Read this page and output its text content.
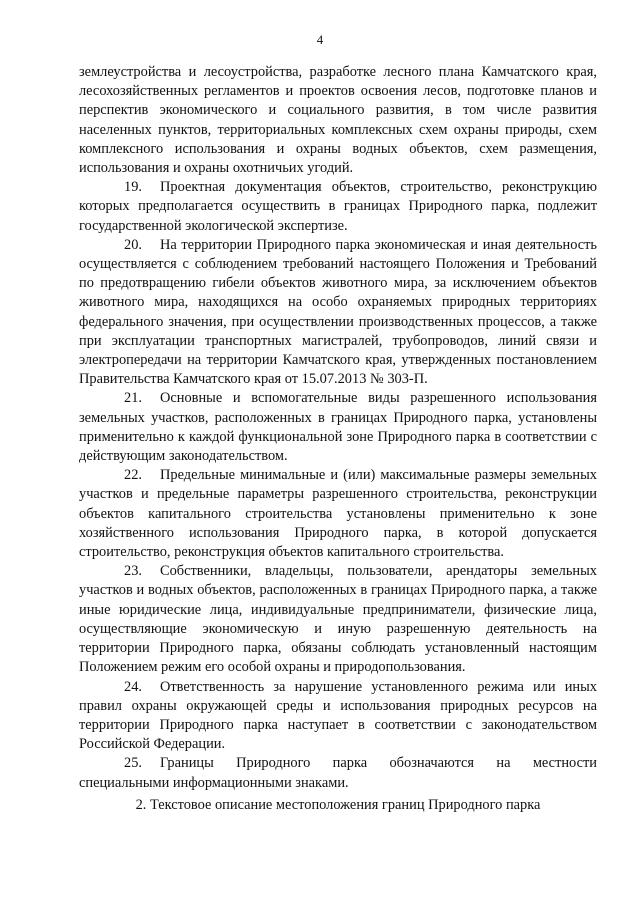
4

землеустройства и лесоустройства, разработке лесного плана Камчатского края, лесохозяйственных регламентов и проектов освоения лесов, подготовке планов и перспектив экономического и социального развития, в том числе развития населенных пунктов, территориальных комплексных схем охраны природы, схем комплексного использования и охраны водных объектов, схем размещения, использования и охраны охотничьих угодий.

19. Проектная документация объектов, строительство, реконструкцию которых предполагается осуществить в границах Природного парка, подлежит государственной экологической экспертизе.

20. На территории Природного парка экономическая и иная деятельность осуществляется с соблюдением требований настоящего Положения и Требований по предотвращению гибели объектов животного мира, за исключением объектов животного мира, находящихся на особо охраняемых природных территориях федерального значения, при осуществлении производственных процессов, а также при эксплуатации транспортных магистралей, трубопроводов, линий связи и электропередачи на территории Камчатского края, утвержденных постановлением Правительства Камчатского края от 15.07.2013 № 303-П.

21. Основные и вспомогательные виды разрешенного использования земельных участков, расположенных в границах Природного парка, установлены применительно к каждой функциональной зоне Природного парка в соответствии с действующим законодательством.

22. Предельные минимальные и (или) максимальные размеры земельных участков и предельные параметры разрешенного строительства, реконструкции объектов капитального строительства установлены применительно к зоне хозяйственного использования Природного парка, в которой допускается строительство, реконструкция объектов капитального строительства.

23. Собственники, владельцы, пользователи, арендаторы земельных участков и водных объектов, расположенных в границах Природного парка, а также иные юридические лица, индивидуальные предприниматели, физические лица, осуществляющие экономическую и иную разрешенную деятельность на территории Природного парка, обязаны соблюдать установленный настоящим Положением режим его особой охраны и природопользования.

24. Ответственность за нарушение установленного режима или иных правил охраны окружающей среды и использования природных ресурсов на территории Природного парка наступает в соответствии с законодательством Российской Федерации.

25. Границы Природного парка обозначаются на местности специальными информационными знаками.

2. Текстовое описание местоположения границ Природного парка
